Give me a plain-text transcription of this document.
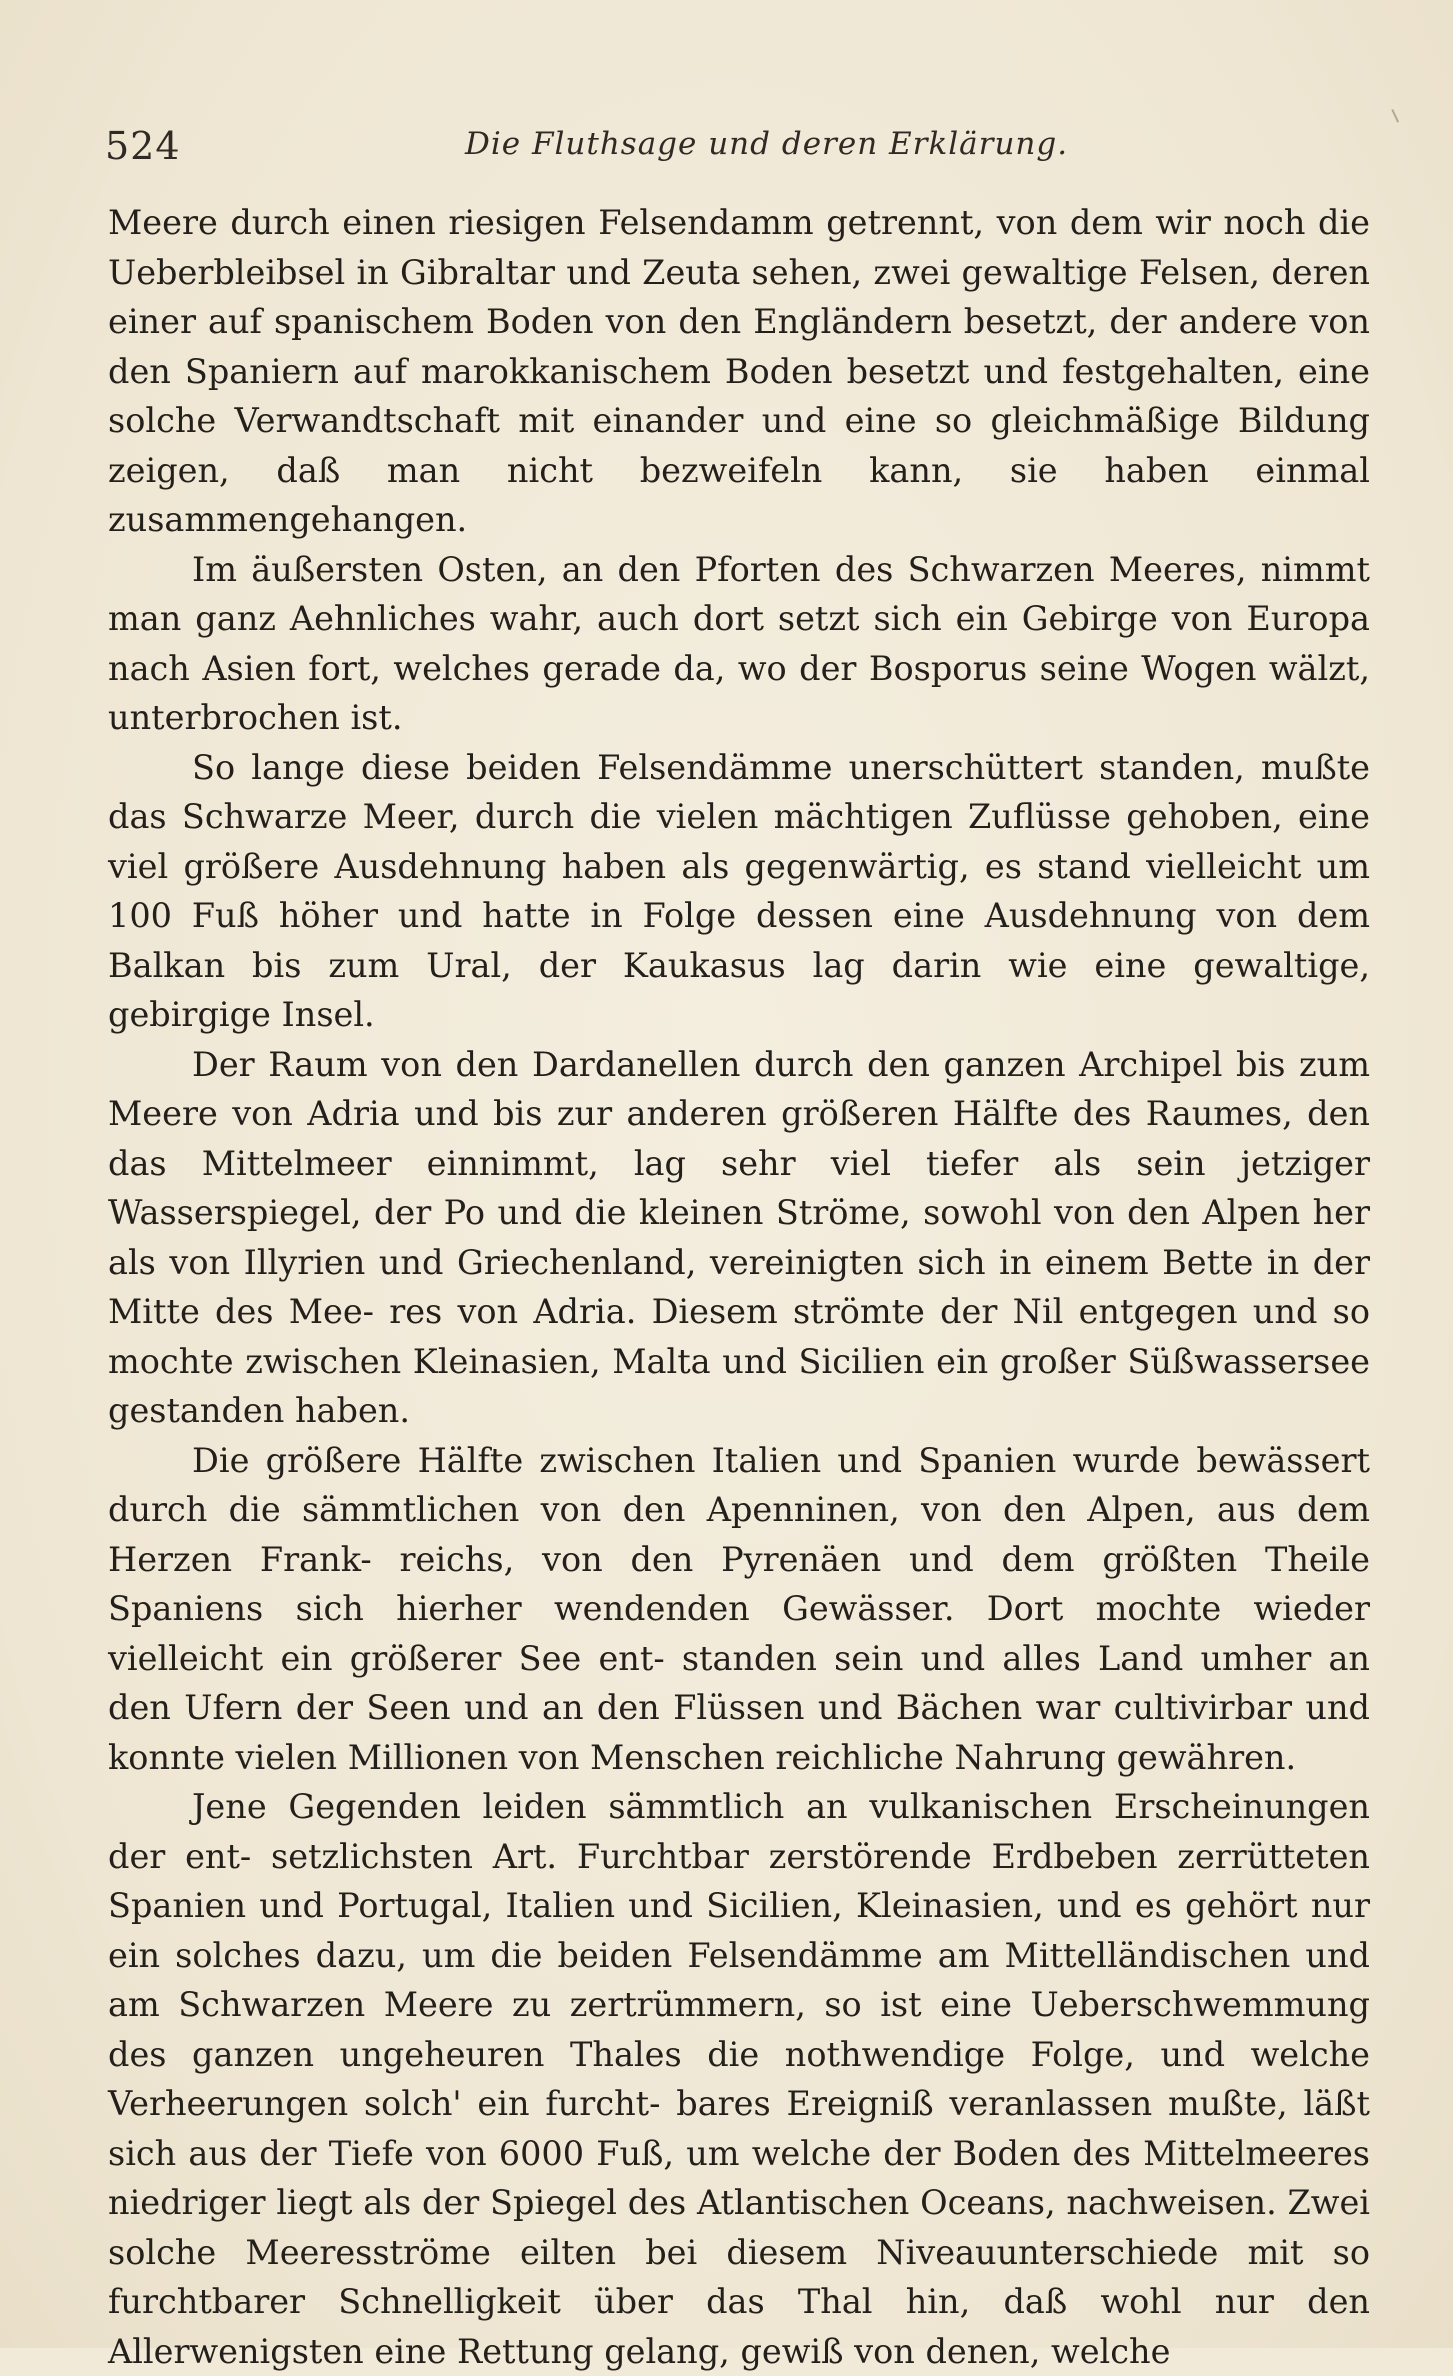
524	Die Fluthsage und deren Erklärung.

Meere durch einen riesigen Felsendamm getrennt, von dem wir noch die Ueberbleibsel in Gibraltar und Zeuta sehen, zwei gewaltige Felsen, deren einer auf spanischem Boden von den Engländern besetzt, der andere von den Spaniern auf marokkanischem Boden besetzt und festgehalten, eine solche Verwandtschaft mit einander und eine so gleichmäßige Bildung zeigen, daß man nicht bezweifeln kann, sie haben einmal zusammengehangen.

Im äußersten Osten, an den Pforten des Schwarzen Meeres, nimmt man ganz Aehnliches wahr, auch dort setzt sich ein Gebirge von Europa nach Asien fort, welches gerade da, wo der Bosporus seine Wogen wälzt, unterbrochen ist.

So lange diese beiden Felsendämme unerschüttert standen, mußte das Schwarze Meer, durch die vielen mächtigen Zuflüsse gehoben, eine viel größere Ausdehnung haben als gegenwärtig, es stand vielleicht um 100 Fuß höher und hatte in Folge dessen eine Ausdehnung von dem Balkan bis zum Ural, der Kaukasus lag darin wie eine gewaltige, gebirgige Insel.

Der Raum von den Dardanellen durch den ganzen Archipel bis zum Meere von Adria und bis zur anderen größeren Hälfte des Raumes, den das Mittelmeer einnimmt, lag sehr viel tiefer als sein jetziger Wasserspiegel, der Po und die kleinen Ströme, sowohl von den Alpen her als von Illyrien und Griechenland, vereinigten sich in einem Bette in der Mitte des Mee- res von Adria. Diesem strömte der Nil entgegen und so mochte zwischen Kleinasien, Malta und Sicilien ein großer Süßwassersee gestanden haben.

Die größere Hälfte zwischen Italien und Spanien wurde bewässert durch die sämmtlichen von den Apenninen, von den Alpen, aus dem Herzen Frank- reichs, von den Pyrenäen und dem größten Theile Spaniens sich hierher wendenden Gewässer. Dort mochte wieder vielleicht ein größerer See ent- standen sein und alles Land umher an den Ufern der Seen und an den Flüssen und Bächen war cultivirbar und konnte vielen Millionen von Menschen reichliche Nahrung gewähren.

Jene Gegenden leiden sämmtlich an vulkanischen Erscheinungen der ent- setzlichsten Art. Furchtbar zerstörende Erdbeben zerrütteten Spanien und Portugal, Italien und Sicilien, Kleinasien, und es gehört nur ein solches dazu, um die beiden Felsendämme am Mittelländischen und am Schwarzen Meere zu zertrümmern, so ist eine Ueberschwemmung des ganzen ungeheuren Thales die nothwendige Folge, und welche Verheerungen solch' ein furcht- bares Ereigniß veranlassen mußte, läßt sich aus der Tiefe von 6000 Fuß, um welche der Boden des Mittelmeeres niedriger liegt als der Spiegel des Atlantischen Oceans, nachweisen. Zwei solche Meeresströme eilten bei diesem Niveauunterschiede mit so furchtbarer Schnelligkeit über das Thal hin, daß wohl nur den Allerwenigsten eine Rettung gelang, gewiß von denen, welche
